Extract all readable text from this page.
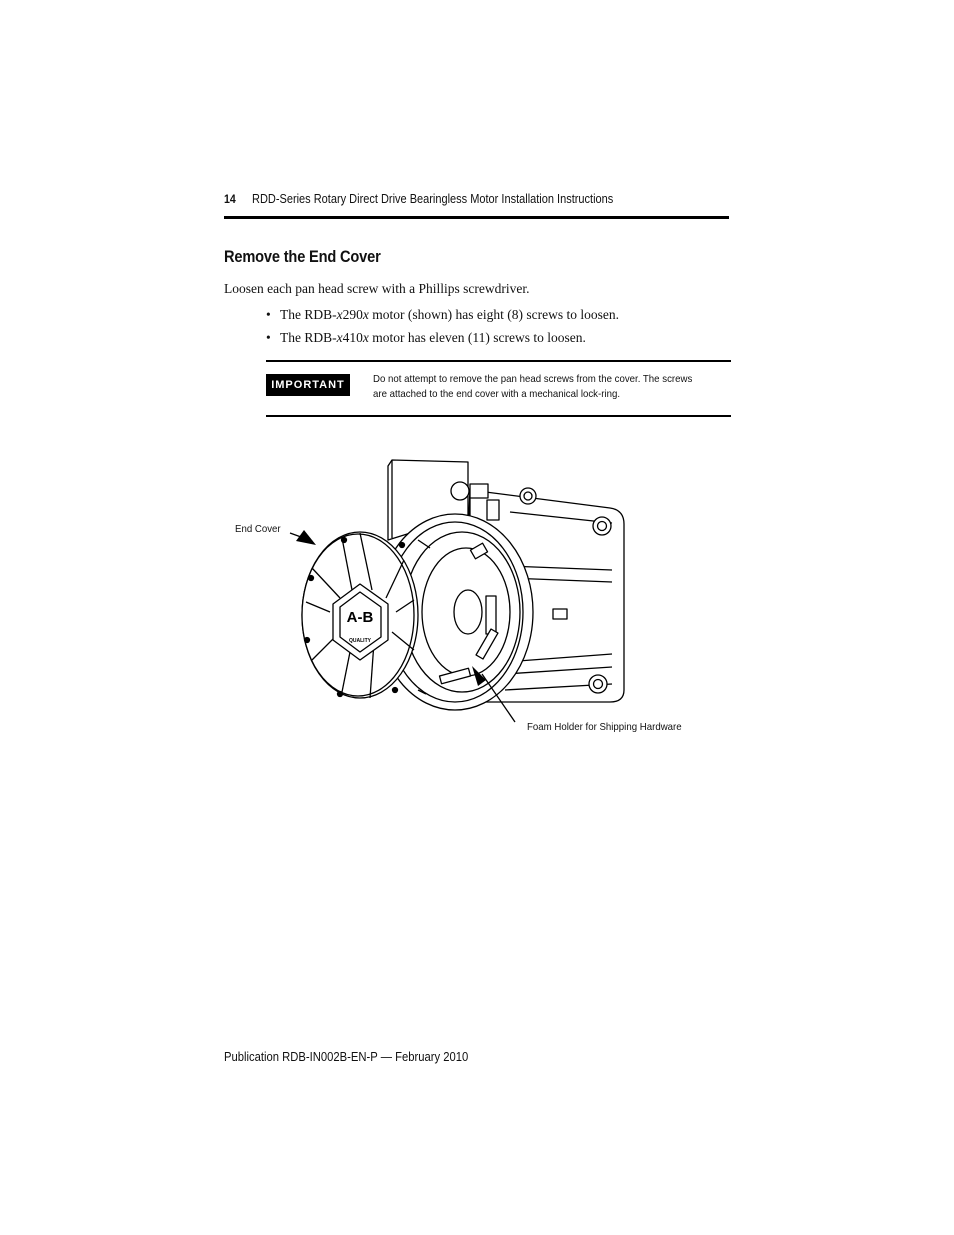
14 RDD-Series Rotary Direct Drive Bearingless Motor Installation Instructions
Remove the End Cover
Loosen each pan head screw with a Phillips screwdriver.
• The RDB-x290x motor (shown) has eight (8) screws to loosen.
• The RDB-x410x motor has eleven (11) screws to loosen.
IMPORTANT	Do not attempt to remove the pan head screws from the cover. The screws are attached to the end cover with a mechanical lock-ring.
A-B
QUALITY
End Cover
Foam Holder for Shipping Hardware
Publication RDB-IN002B-EN-P — February 2010
